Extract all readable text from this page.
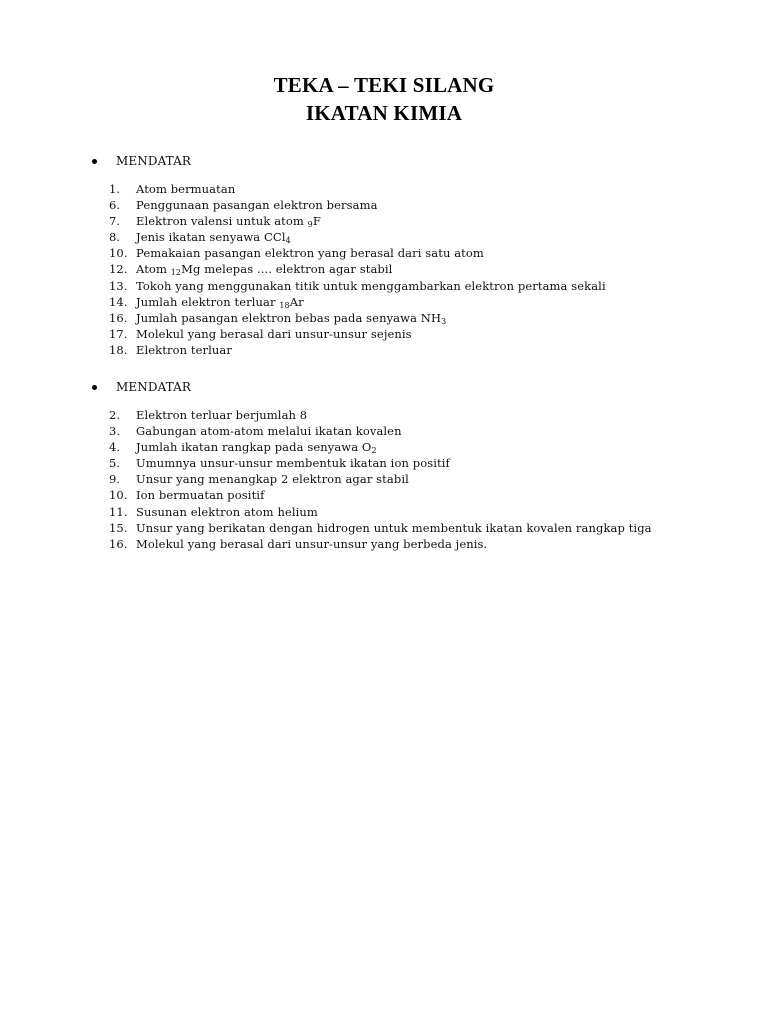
TEKA – TEKI SILANG
IKATAN KIMIA
MENDATAR
1.	Atom bermuatan
6.	Penggunaan pasangan elektron bersama
7.	Elektron valensi untuk atom 9F
8.	Jenis ikatan senyawa CCl$_4$
10. Pemakaian pasangan elektron yang berasal dari satu atom
12. Atom 12Mg melepas .... elektron agar stabil
13. Tokoh yang menggunakan titik untuk menggambarkan elektron pertama sekali
14. Jumlah elektron terluar 18Ar
16. Jumlah pasangan elektron bebas pada senyawa $NH_3$
17. Molekul yang berasal dari unsur-unsur sejenis
18. Elektron terluar
MENDATAR
2.	Elektron terluar berjumlah 8
3.	Gabungan atom-atom melalui ikatan kovalen
4.	Jumlah ikatan rangkap pada senyawa $O_2$
5.	Umumnya unsur-unsur membentuk ikatan ion positif
9.	Unsur yang menangkap 2 elektron agar stabil
10. Ion bermuatan positif
11. Susunan elektron atom helium
15. Unsur yang berikatan dengan hidrogen untuk membentuk ikatan kovalen rangkap tiga
16. Molekul yang berasal dari unsur-unsur yang berbeda jenis.
